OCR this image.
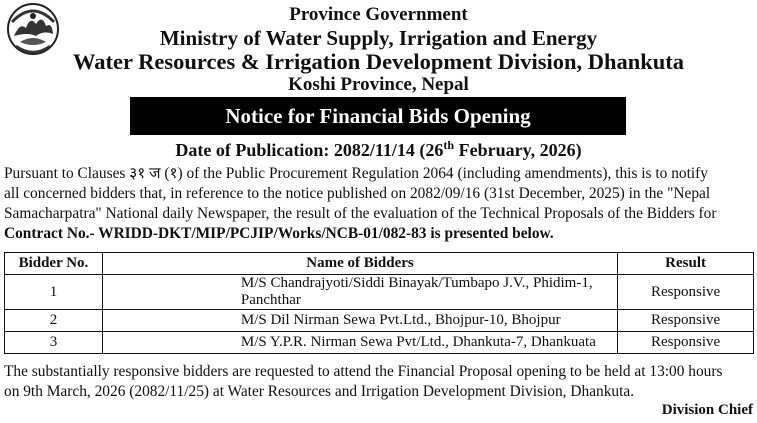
Province Government
Ministry of Water Supply, Irrigation and Energy
Water Resources & Irrigation Development Division, Dhankuta
Koshi Province, Nepal
Notice for Financial Bids Opening
Date of Publication: 2082/11/14 (26th February, 2026)

Pursuant to Clauses ३१ ज (१) of the Public Procurement Regulation 2064 (including amendments), this is to notify

all concerned bidders that, in reference to the notice published on 2082/09/16 (31st December, 2025) in the "Nepal

Samacharpatra" National daily Newspaper, the result of the evaluation of the Technical Proposals of the Bidders for

Contract No.- WRIDD-DKT/MIP/PCJIP/Works/NCB-01/082-83 is presented below.

Bidder No.	Name of Bidders	Result
1	M/S Chandrajyoti/Siddi Binayak/Tumbapo J.V., Phidim-1, Panchthar	Responsive
2	M/S Dil Nirman Sewa Pvt.Ltd., Bhojpur-10, Bhojpur	Responsive
3	M/S Y.P.R. Nirman Sewa Pvt/Ltd., Dhankuta-7, Dhankuata	Responsive

The substantially responsive bidders are requested to attend the Financial Proposal opening to be held at 13:00 hours

on 9th March, 2026 (2082/11/25) at Water Resources and Irrigation Development Division, Dhankuta.

Division Chief
